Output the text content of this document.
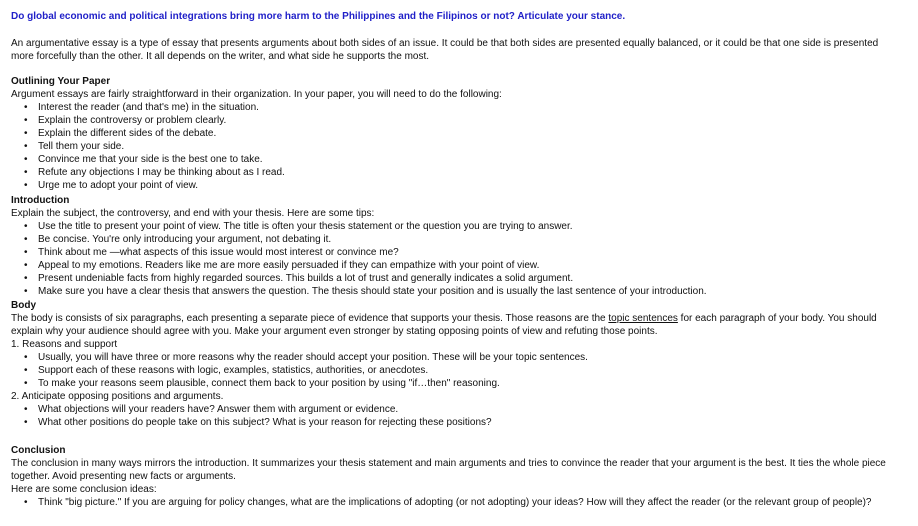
Do global economic and political integrations bring more harm to the Philippines and the Filipinos or not? Articulate your stance.
An argumentative essay is a type of essay that presents arguments about both sides of an issue. It could be that both sides are presented equally balanced, or it could be that one side is presented more forcefully than the other. It all depends on the writer, and what side he supports the most.
Outlining Your Paper
Argument essays are fairly straightforward in their organization. In your paper, you will need to do the following:
• Interest the reader (and that's me) in the situation.
• Explain the controversy or problem clearly.
• Explain the different sides of the debate.
• Tell them your side.
• Convince me that your side is the best one to take.
• Refute any objections I may be thinking about as I read.
• Urge me to adopt your point of view.
Introduction
Explain the subject, the controversy, and end with your thesis. Here are some tips:
• Use the title to present your point of view. The title is often your thesis statement or the question you are trying to answer.
• Be concise. You're only introducing your argument, not debating it.
• Think about me —what aspects of this issue would most interest or convince me?
• Appeal to my emotions. Readers like me are more easily persuaded if they can empathize with your point of view.
• Present undeniable facts from highly regarded sources. This builds a lot of trust and generally indicates a solid argument.
• Make sure you have a clear thesis that answers the question. The thesis should state your position and is usually the last sentence of your introduction.
Body
The body is consists of six paragraphs, each presenting a separate piece of evidence that supports your thesis. Those reasons are the topic sentences for each paragraph of your body. You should explain why your audience should agree with you. Make your argument even stronger by stating opposing points of view and refuting those points.
1. Reasons and support
• Usually, you will have three or more reasons why the reader should accept your position. These will be your topic sentences.
• Support each of these reasons with logic, examples, statistics, authorities, or anecdotes.
• To make your reasons seem plausible, connect them back to your position by using "if…then" reasoning.
2. Anticipate opposing positions and arguments.
• What objections will your readers have? Answer them with argument or evidence.
• What other positions do people take on this subject? What is your reason for rejecting these positions?
Conclusion
The conclusion in many ways mirrors the introduction. It summarizes your thesis statement and main arguments and tries to convince the reader that your argument is the best. It ties the whole piece together. Avoid presenting new facts or arguments.
Here are some conclusion ideas:
•	Think "big picture." If you are arguing for policy changes, what are the implications of adopting (or not adopting) your ideas? How will they affect the reader (or the relevant group of people)?
